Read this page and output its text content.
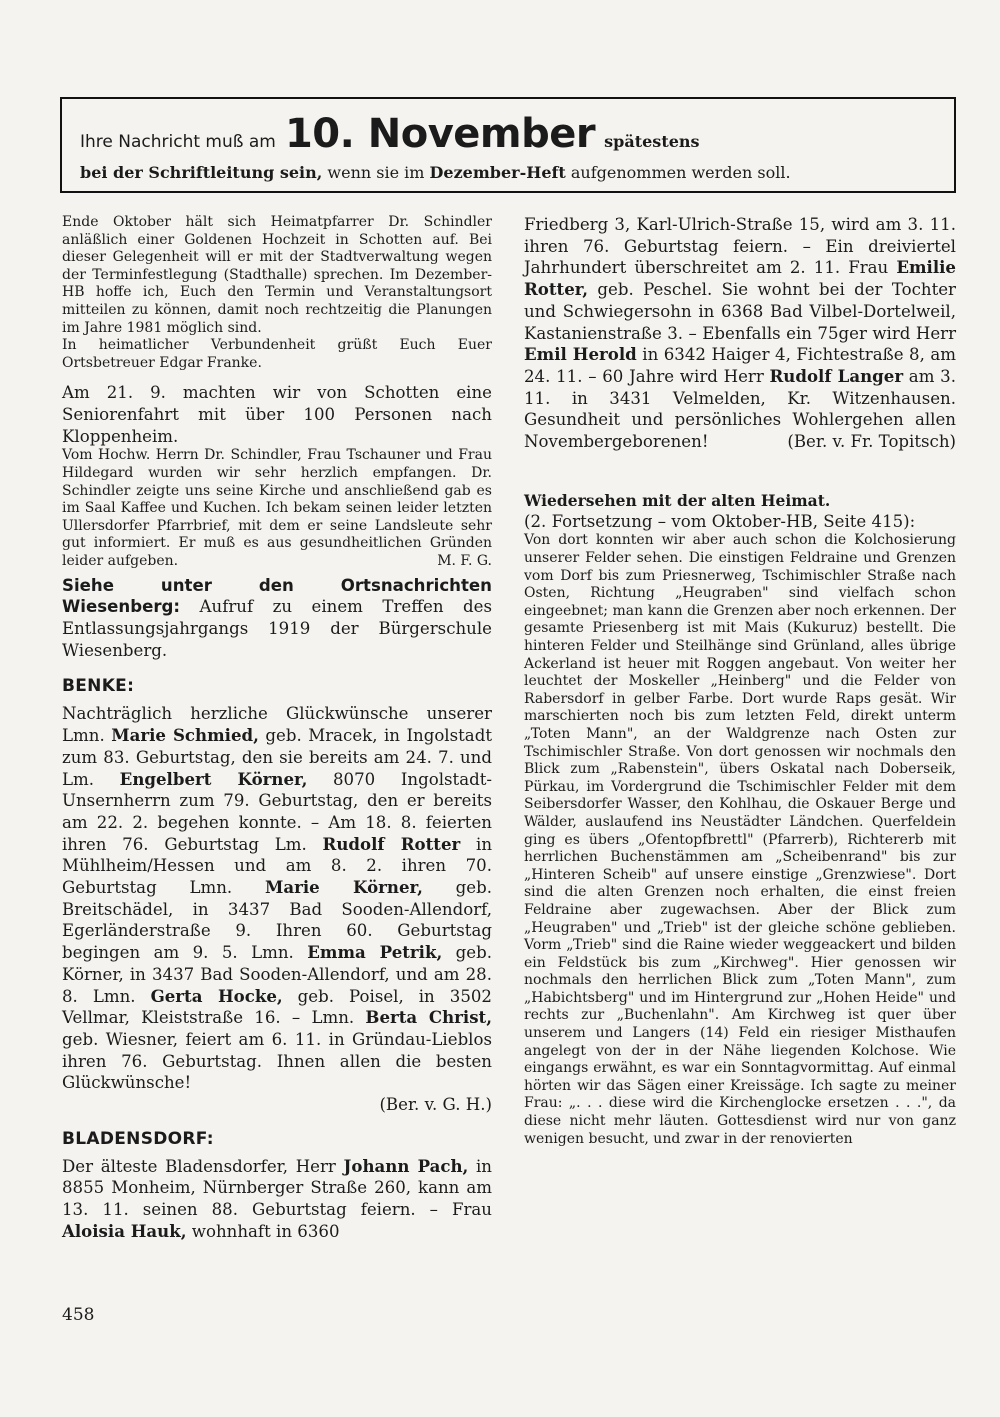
Ihre Nachricht muß am 10. November spätestens
bei der Schriftleitung sein, wenn sie im Dezember-Heft aufgenommen werden soll.

Ende Oktober hält sich Heimatpfarrer Dr. Schindler anläßlich einer Goldenen Hochzeit in Schotten auf. Bei dieser Gelegenheit will er mit der Stadtverwaltung wegen der Terminfestlegung (Stadthalle) sprechen. Im Dezember-HB hoffe ich, Euch den Termin und Veranstaltungsort mitteilen zu können, damit noch rechtzeitig die Planungen im Jahre 1981 möglich sind.

In heimatlicher Verbundenheit grüßt Euch Euer Ortsbetreuer Edgar Franke.

Am 21. 9. machten wir von Schotten eine Seniorenfahrt mit über 100 Personen nach Kloppenheim.

Vom Hochw. Herrn Dr. Schindler, Frau Tschauner und Frau Hildegard wurden wir sehr herzlich empfangen. Dr. Schindler zeigte uns seine Kirche und anschließend gab es im Saal Kaffee und Kuchen. Ich bekam seinen leider letzten Ullersdorfer Pfarrbrief, mit dem er seine Landsleute sehr gut informiert. Er muß es aus gesundheitlichen Gründen leider aufgeben.	M. F. G.

Siehe unter den Ortsnachrichten Wiesenberg: Aufruf zu einem Treffen des Entlassungsjahrgangs 1919 der Bürgerschule Wiesenberg.

BENKE:

Nachträglich herzliche Glückwünsche unserer Lmn. Marie Schmied, geb. Mracek, in Ingolstadt zum 83. Geburtstag, den sie bereits am 24. 7. und Lm. Engelbert Körner, 8070 Ingolstadt-Unsernherrn zum 79. Geburtstag, den er bereits am 22. 2. begehen konnte. – Am 18. 8. feierten ihren 76. Geburtstag Lm. Rudolf Rotter in Mühlheim/Hessen und am 8. 2. ihren 70. Geburtstag Lmn. Marie Körner, geb. Breitschädel, in 3437 Bad Sooden-Allendorf, Egerländerstraße 9. Ihren 60. Geburtstag begingen am 9. 5. Lmn. Emma Petrik, geb. Körner, in 3437 Bad Sooden-Allendorf, und am 28. 8. Lmn. Gerta Hocke, geb. Poisel, in 3502 Vellmar, Kleiststraße 16. – Lmn. Berta Christ, geb. Wiesner, feiert am 6. 11. in Gründau-Lieblos ihren 76. Geburtstag. Ihnen allen die besten Glückwünsche!

(Ber. v. G. H.)

BLADENSDORF:

Der älteste Bladensdorfer, Herr Johann Pach, in 8855 Monheim, Nürnberger Straße 260, kann am 13. 11. seinen 88. Geburtstag feiern. – Frau Aloisia Hauk, wohnhaft in 6360

Friedberg 3, Karl-Ulrich-Straße 15, wird am 3. 11. ihren 76. Geburtstag feiern. – Ein dreiviertel Jahrhundert überschreitet am 2. 11. Frau Emilie Rotter, geb. Peschel. Sie wohnt bei der Tochter und Schwiegersohn in 6368 Bad Vilbel-Dortelweil, Kastanienstraße 3. – Ebenfalls ein 75ger wird Herr Emil Herold in 6342 Haiger 4, Fichtestraße 8, am 24. 11. – 60 Jahre wird Herr Rudolf Langer am 3. 11. in 3431 Velmelden, Kr. Witzenhausen. Gesundheit und persönliches Wohlergehen allen Novembergeborenen!	(Ber. v. Fr. Topitsch)

Wiedersehen mit der alten Heimat.

(2. Fortsetzung – vom Oktober-HB, Seite 415):

Von dort konnten wir aber auch schon die Kolchosierung unserer Felder sehen. Die einstigen Feldraine und Grenzen vom Dorf bis zum Priesnerweg, Tschimischler Straße nach Osten, Richtung „Heugraben" sind vielfach schon eingeebnet; man kann die Grenzen aber noch erkennen. Der gesamte Priesenberg ist mit Mais (Kukuruz) bestellt. Die hinteren Felder und Steilhänge sind Grünland, alles übrige Ackerland ist heuer mit Roggen angebaut. Von weiter her leuchtet der Moskeller „Heinberg" und die Felder von Rabersdorf in gelber Farbe. Dort wurde Raps gesät. Wir marschierten noch bis zum letzten Feld, direkt unterm „Toten Mann", an der Waldgrenze nach Osten zur Tschimischler Straße. Von dort genossen wir nochmals den Blick zum „Rabenstein", übers Oskatal nach Doberseik, Pürkau, im Vordergrund die Tschimischler Felder mit dem Seibersdorfer Wasser, den Kohlhau, die Oskauer Berge und Wälder, auslaufend ins Neustädter Ländchen. Querfeldein ging es übers „Ofentopfbrettl" (Pfarrerb), Richtererb mit herrlichen Buchenstämmen am „Scheibenrand" bis zur „Hinteren Scheib" auf unsere einstige „Grenzwiese". Dort sind die alten Grenzen noch erhalten, die einst freien Feldraine aber zugewachsen. Aber der Blick zum „Heugraben" und „Trieb" ist der gleiche schöne geblieben. Vorm „Trieb" sind die Raine wieder weggeackert und bilden ein Feldstück bis zum „Kirchweg". Hier genossen wir nochmals den herrlichen Blick zum „Toten Mann", zum „Habichtsberg" und im Hintergrund zur „Hohen Heide" und rechts zur „Buchenlahn". Am Kirchweg ist quer über unserem und Langers (14) Feld ein riesiger Misthaufen angelegt von der in der Nähe liegenden Kolchose. Wie eingangs erwähnt, es war ein Sonntagvormittag. Auf einmal hörten wir das Sägen einer Kreissäge. Ich sagte zu meiner Frau: „. . . diese wird die Kirchenglocke ersetzen . . .", da diese nicht mehr läuten. Gottesdienst wird nur von ganz wenigen besucht, und zwar in der renovierten

458
